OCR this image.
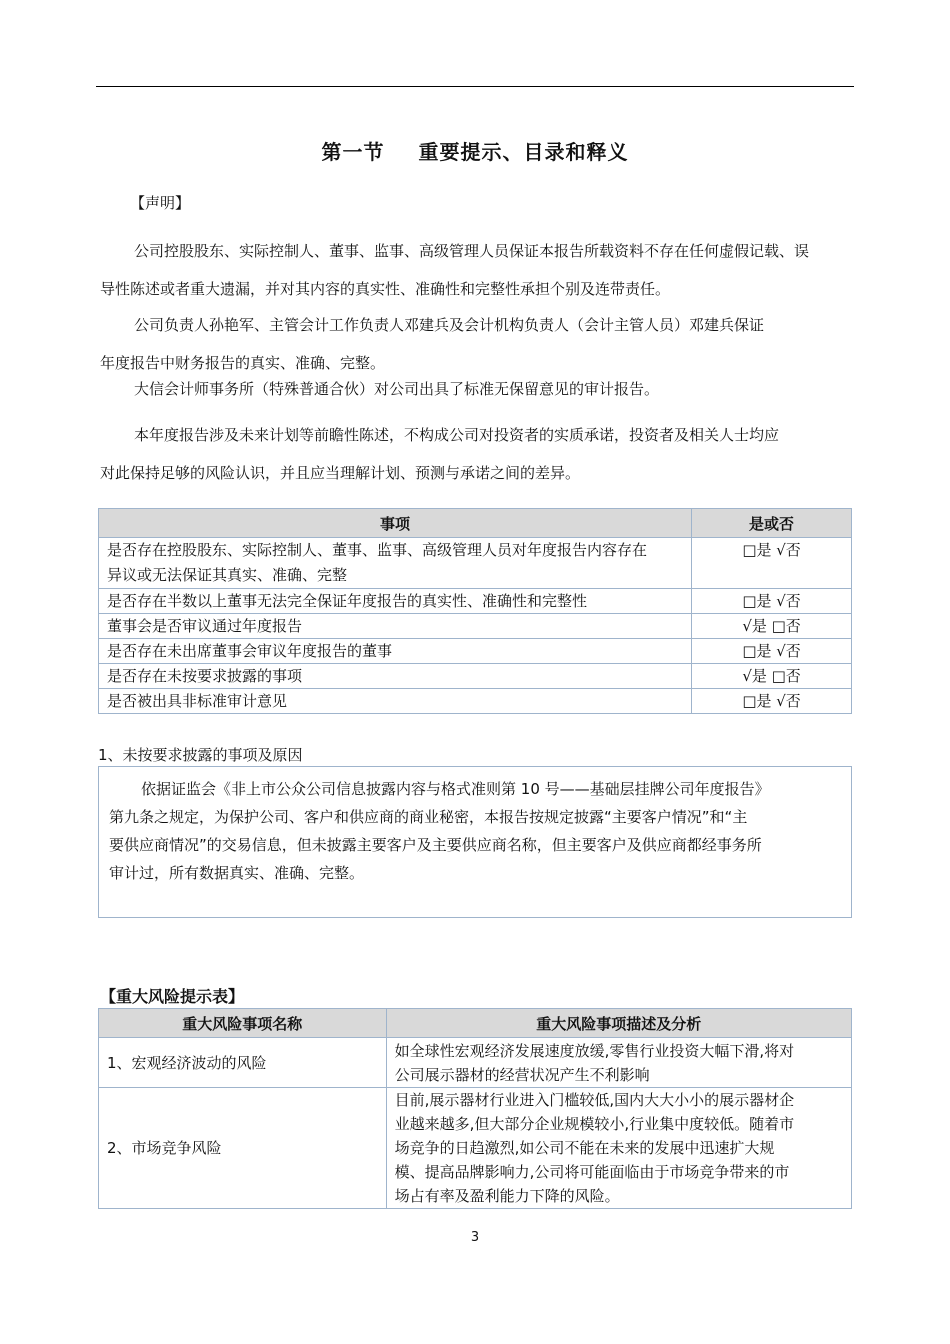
第一节 重要提示、目录和释义
【声明】
公司控股股东、实际控制人、董事、监事、高级管理人员保证本报告所载资料不存在任何虚假记载、误
导性陈述或者重大遗漏，并对其内容的真实性、准确性和完整性承担个别及连带责任。
公司负责人孙艳军、主管会计工作负责人邓建兵及会计机构负责人（会计主管人员）邓建兵保证
年度报告中财务报告的真实、准确、完整。
大信会计师事务所（特殊普通合伙）对公司出具了标准无保留意见的审计报告。
本年度报告涉及未来计划等前瞻性陈述，不构成公司对投资者的实质承诺，投资者及相关人士均应
对此保持足够的风险认识，并且应当理解计划、预测与承诺之间的差异。
事项	是或否

是否存在控股股东、实际控制人、董事、监事、高级管理人员对年度报告内容存在
异议或无法保证其真实、准确、完整	□是 √否
是否存在半数以上董事无法完全保证年度报告的真实性、准确性和完整性	□是 √否
董事会是否审议通过年度报告	√是 □否
是否存在未出席董事会审议年度报告的董事	□是 √否
是否存在未按要求披露的事项	√是 □否
是否被出具非标准审计意见	□是 √否
1、未按要求披露的事项及原因
依据证监会《非上市公众公司信息披露内容与格式准则第 10 号——基础层挂牌公司年度报告》
第九条之规定，为保护公司、客户和供应商的商业秘密，本报告按规定披露“主要客户情况”和“主
要供应商情况”的交易信息，但未披露主要客户及主要供应商名称，但主要客户及供应商都经事务所
审计过，所有数据真实、准确、完整。
【重大风险提示表】
重大风险事项名称	重大风险事项描述及分析
1、宏观经济波动的风险	如全球性宏观经济发展速度放缓,零售行业投资大幅下滑,将对
公司展示器材的经营状况产生不利影响

2、市场竞争风险	目前,展示器材行业进入门槛较低,国内大大小小的展示器材企
业越来越多,但大部分企业规模较小,行业集中度较低。随着市
场竞争的日趋激烈,如公司不能在未来的发展中迅速扩大规
模、提高品牌影响力,公司将可能面临由于市场竞争带来的市
场占有率及盈利能力下降的风险。
3
